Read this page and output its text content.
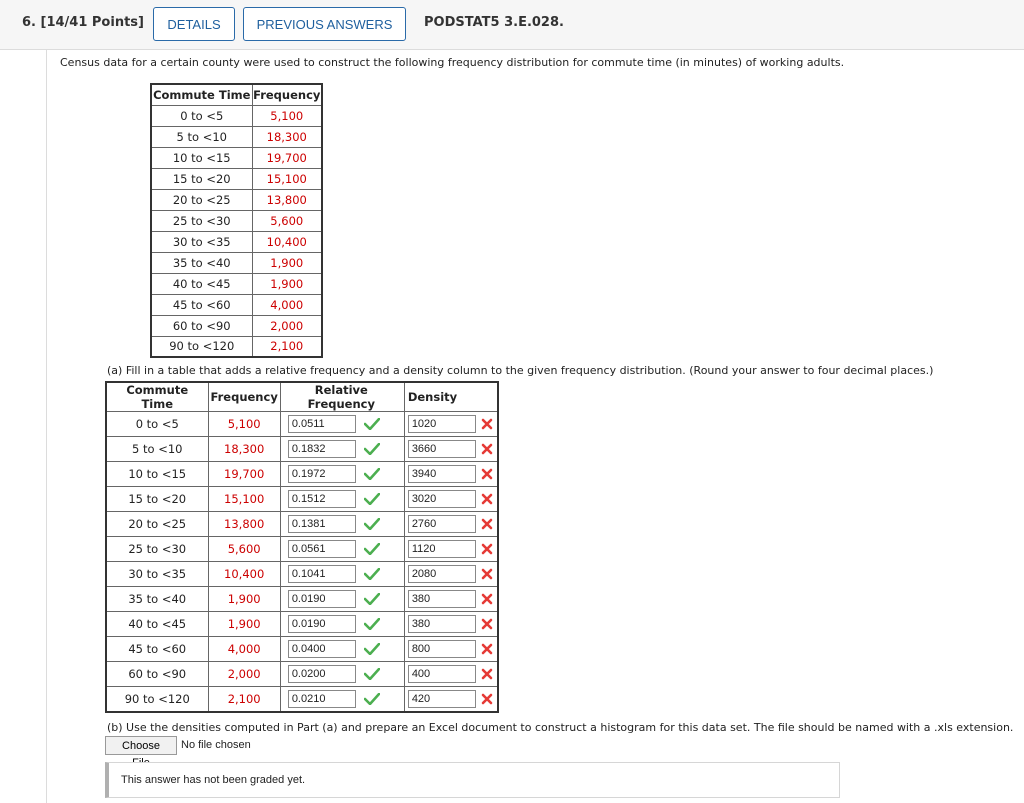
6. [14/41 Points]	DETAILS	PREVIOUS ANSWERS	PODSTAT5 3.E.028.
Census data for a certain county were used to construct the following frequency distribution for commute time (in minutes) of working adults.
Commute Time	Frequency
0 to <5	5,100
5 to <10	18,300
10 to <15	19,700
15 to <20	15,100
20 to <25	13,800
25 to <30	5,600
30 to <35	10,400
35 to <40	1,900
40 to <45	1,900
45 to <60	4,000
60 to <90	2,000
90 to <120	2,100
(a) Fill in a table that adds a relative frequency and a density column to the given frequency distribution. (Round your answer to four decimal places.)
Commute Time	Frequency	Relative Frequency	Density
0 to <5	5,100	0.0511	1020
5 to <10	18,300	0.1832	3660
10 to <15	19,700	0.1972	3940
15 to <20	15,100	0.1512	3020
20 to <25	13,800	0.1381	2760
25 to <30	5,600	0.0561	1120
30 to <35	10,400	0.1041	2080
35 to <40	1,900	0.0190	380
40 to <45	1,900	0.0190	380
45 to <60	4,000	0.0400	800
60 to <90	2,000	0.0200	400
90 to <120	2,100	0.0210	420
(b) Use the densities computed in Part (a) and prepare an Excel document to construct a histogram for this data set. The file should be named with a .xls extension.
Choose	No file chosen
This answer has not been graded yet.
